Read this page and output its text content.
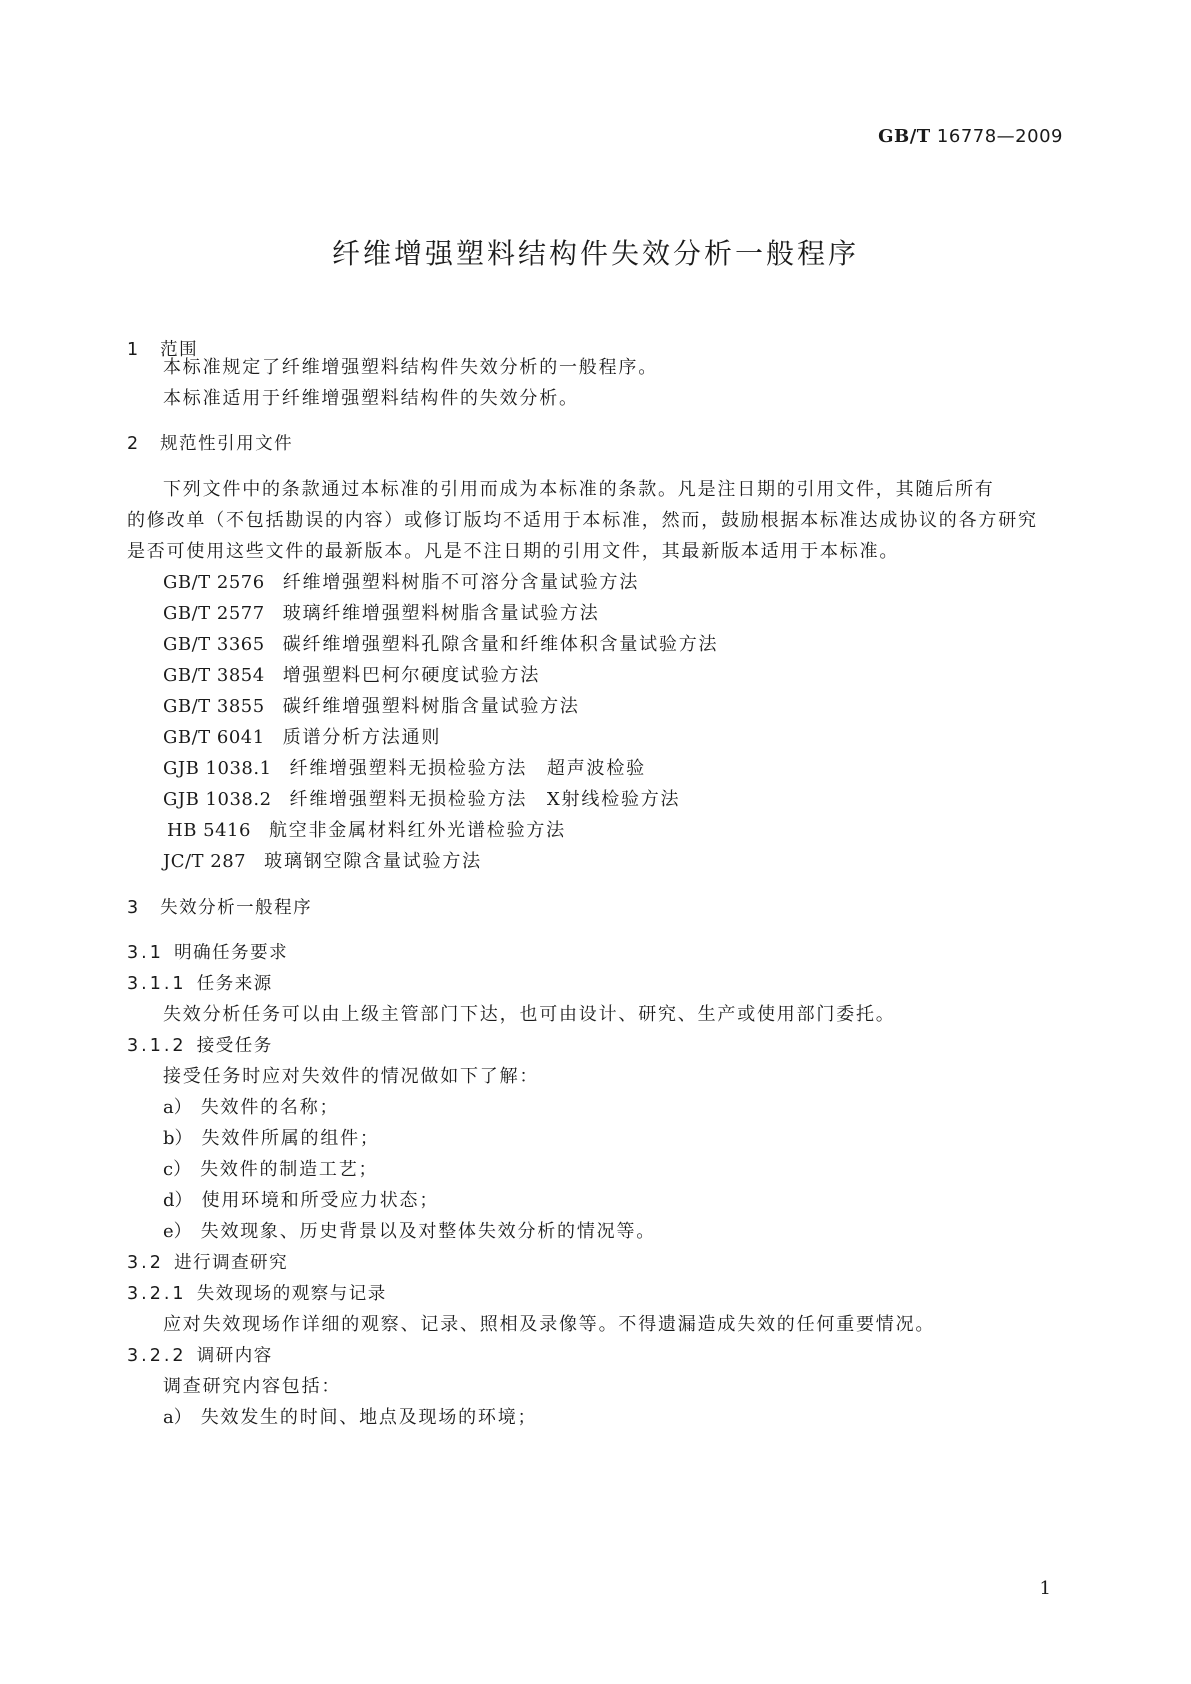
GB/T 16778—2009
纤维增强塑料结构件失效分析一般程序
1  范围
本标准规定了纤维增强塑料结构件失效分析的一般程序。
本标准适用于纤维增强塑料结构件的失效分析。
2  规范性引用文件
下列文件中的条款通过本标准的引用而成为本标准的条款。凡是注日期的引用文件，其随后所有
的修改单（不包括勘误的内容）或修订版均不适用于本标准，然而，鼓励根据本标准达成协议的各方研究
是否可使用这些文件的最新版本。凡是不注日期的引用文件，其最新版本适用于本标准。
GB/T 2576  纤维增强塑料树脂不可溶分含量试验方法
GB/T 2577  玻璃纤维增强塑料树脂含量试验方法
GB/T 3365  碳纤维增强塑料孔隙含量和纤维体积含量试验方法
GB/T 3854  增强塑料巴柯尔硬度试验方法
GB/T 3855  碳纤维增强塑料树脂含量试验方法
GB/T 6041  质谱分析方法通则
GJB 1038.1  纤维增强塑料无损检验方法　超声波检验
GJB 1038.2  纤维增强塑料无损检验方法　X射线检验方法
HB 5416  航空非金属材料红外光谱检验方法
JC/T 287  玻璃钢空隙含量试验方法
3  失效分析一般程序
3.1  明确任务要求
3.1.1  任务来源
失效分析任务可以由上级主管部门下达，也可由设计、研究、生产或使用部门委托。
3.1.2  接受任务
接受任务时应对失效件的情况做如下了解：
a）  失效件的名称；
b）  失效件所属的组件；
c）  失效件的制造工艺；
d）  使用环境和所受应力状态；
e）  失效现象、历史背景以及对整体失效分析的情况等。
3.2  进行调查研究
3.2.1  失效现场的观察与记录
应对失效现场作详细的观察、记录、照相及录像等。不得遗漏造成失效的任何重要情况。
3.2.2  调研内容
调查研究内容包括：
a）  失效发生的时间、地点及现场的环境；
1
